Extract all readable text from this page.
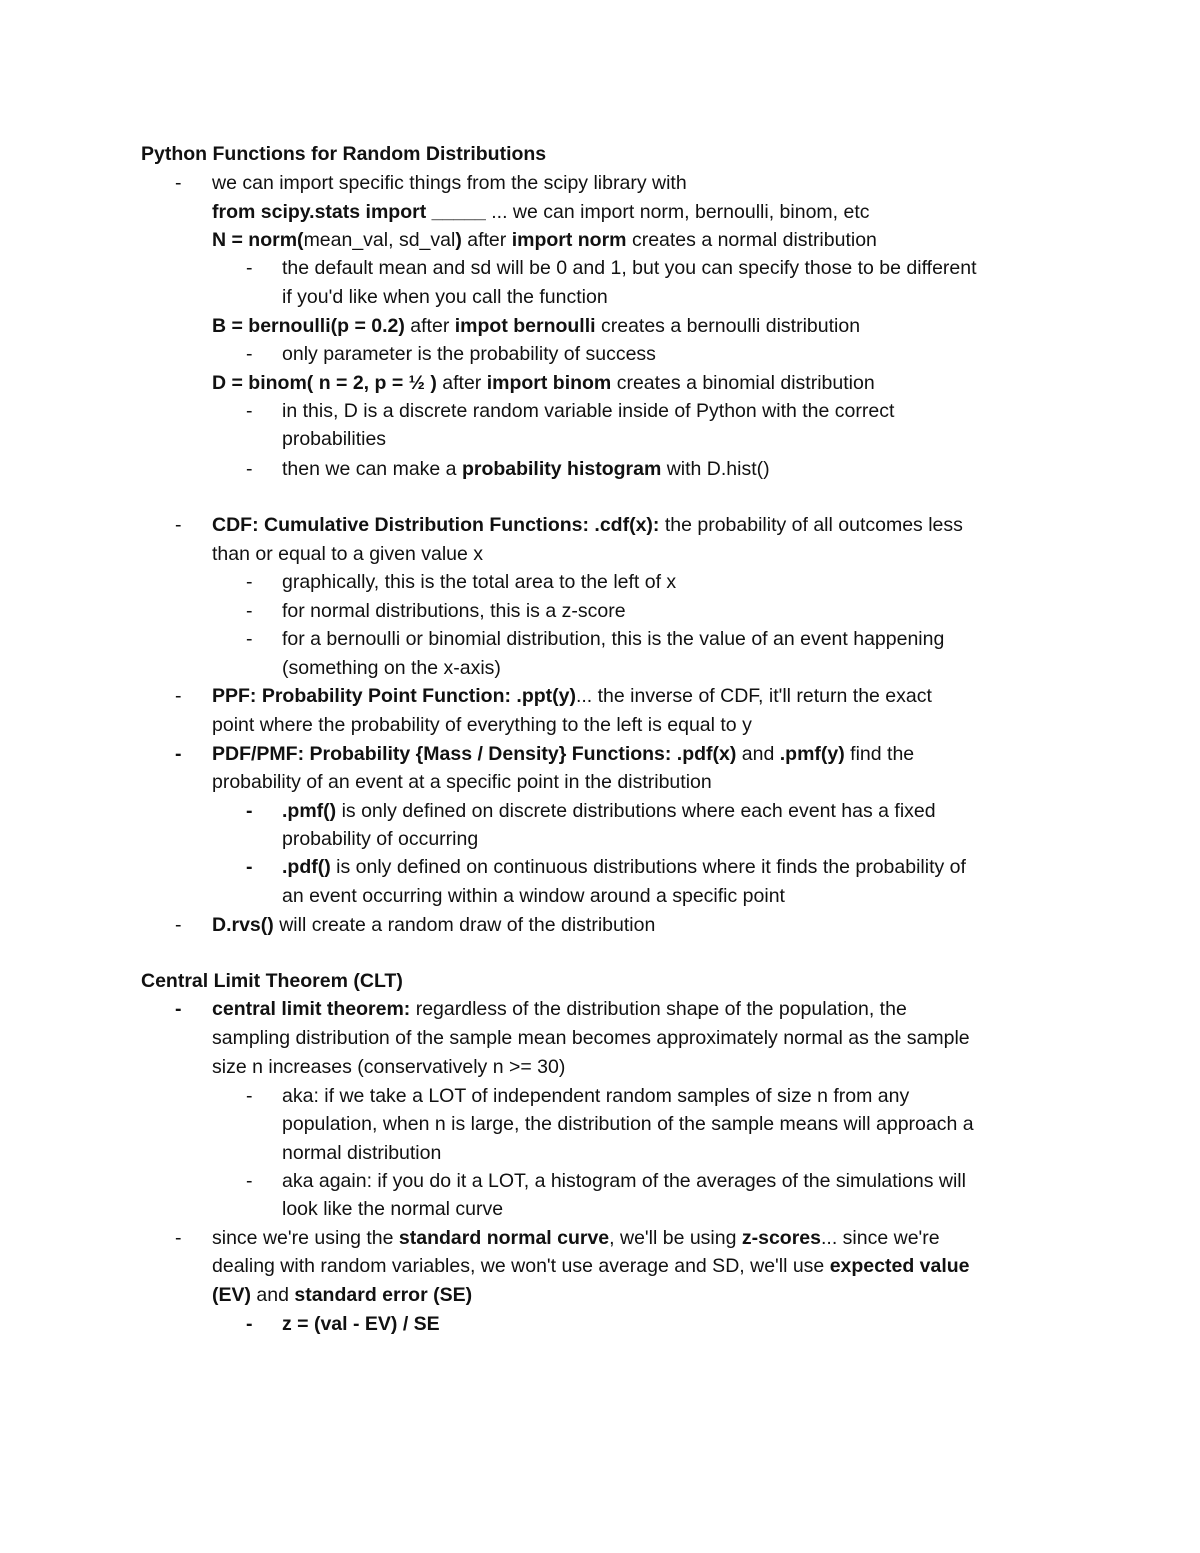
Python Functions for Random Distributions
Central Limit Theorem (CLT)
- we can import specific things from the scipy library with
from scipy.stats import _____ ... we can import norm, bernoulli, binom, etc
N = norm(mean_val, sd_val) after import norm creates a normal distribution
- the default mean and sd will be 0 and 1, but you can specify those to be different
if you'd like when you call the function
B = bernoulli(p = 0.2) after impot bernoulli creates a bernoulli distribution
- only parameter is the probability of success
D = binom( n = 2, p = ½ ) after import binom creates a binomial distribution
- in this, D is a discrete random variable inside of Python with the correct
probabilities
- then we can make a probability histogram with D.hist()
- CDF: Cumulative Distribution Functions: .cdf(x): the probability of all outcomes less
than or equal to a given value x
- graphically, this is the total area to the left of x
- for normal distributions, this is a z-score
- for a bernoulli or binomial distribution, this is the value of an event happening
(something on the x-axis)
- PPF: Probability Point Function: .ppt(y)... the inverse of CDF, it'll return the exact
point where the probability of everything to the left is equal to y
- PDF/PMF: Probability {Mass / Density} Functions: .pdf(x) and .pmf(y) find the
probability of an event at a specific point in the distribution
- .pmf() is only defined on discrete distributions where each event has a fixed
probability of occurring
- .pdf() is only defined on continuous distributions where it finds the probability of
an event occurring within a window around a specific point
- D.rvs() will create a random draw of the distribution
- central limit theorem: regardless of the distribution shape of the population, the
sampling distribution of the sample mean becomes approximately normal as the sample
size n increases (conservatively n >= 30)
- aka: if we take a LOT of independent random samples of size n from any
population, when n is large, the distribution of the sample means will approach a
normal distribution
- aka again: if you do it a LOT, a histogram of the averages of the simulations will
look like the normal curve
- since we're using the standard normal curve, we'll be using z-scores... since we're
dealing with random variables, we won't use average and SD, we'll use expected value
(EV) and standard error (SE)
- z = (val - EV) / SE
